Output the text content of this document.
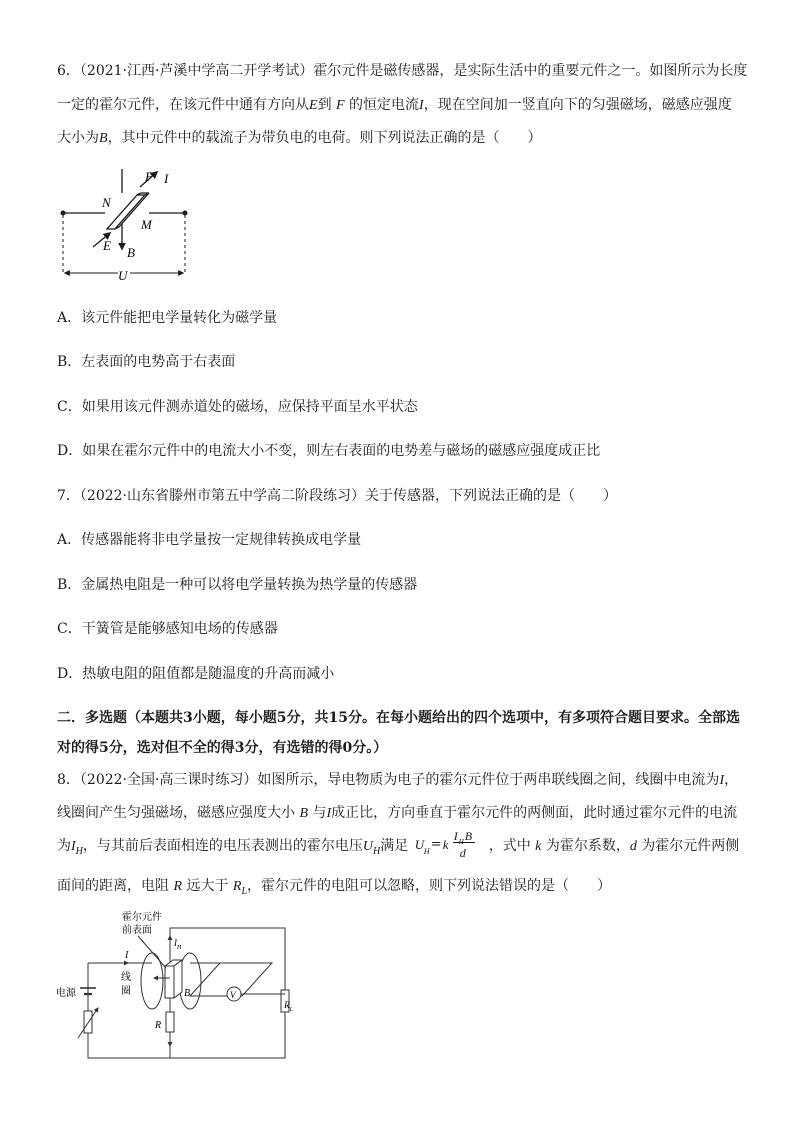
6．（2021·江西·芦溪中学高二开学考试）霍尔元件是磁传感器，是实际生活中的重要元件之一。如图所示为长度
一定的霍尔元件，在该元件中通有方向从E到 F 的恒定电流I，现在空间加一竖直向下的匀强磁场，磁感应强度
大小为B，其中元件中的载流子为带负电的电荷。则下列说法正确的是（　　）
U
F I
N
M
E B
A．该元件能把电学量转化为磁学量
B．左表面的电势高于右表面
C．如果用该元件测赤道处的磁场，应保持平面呈水平状态
D．如果在霍尔元件中的电流大小不变，则左右表面的电势差与磁场的磁感应强度成正比
7．（2022·山东省滕州市第五中学高二阶段练习）关于传感器，下列说法正确的是（　　）
A．传感器能将非电学量按一定规律转换成电学量
B．金属热电阻是一种可以将电学量转换为热学量的传感器
C．干簧管是能够感知电场的传感器
D．热敏电阻的阻值都是随温度的升高而减小
二．多选题（本题共3小题，每小题5分，共15分。在每小题给出的四个选项中，有多项符合题目要求。全部选对的得5分，选对但不全的得3分，有选错的得0分。）
8．（2022·全国·高三课时练习）如图所示，导电物质为电子的霍尔元件位于两串联线圈之间，线圈中电流为I，
线圈间产生匀强磁场，磁感应强度大小 B 与I成正比，方向垂直于霍尔元件的两侧面，此时通过霍尔元件的电流
为$I_H$，与其前后表面相连的电压表测出的霍尔电压$U_H$满足 U H = k
I H B
d ，式中 k 为霍尔系数，d 为霍尔元件两侧
面间的距离，电阻 R 远大于 $R_L$，霍尔元件的电阻可以忽略，则下列说法错误的是（　　）
霍尔元件
前表面
I
$I_H$
线
圈	B	V
电源
R
$R_L$
